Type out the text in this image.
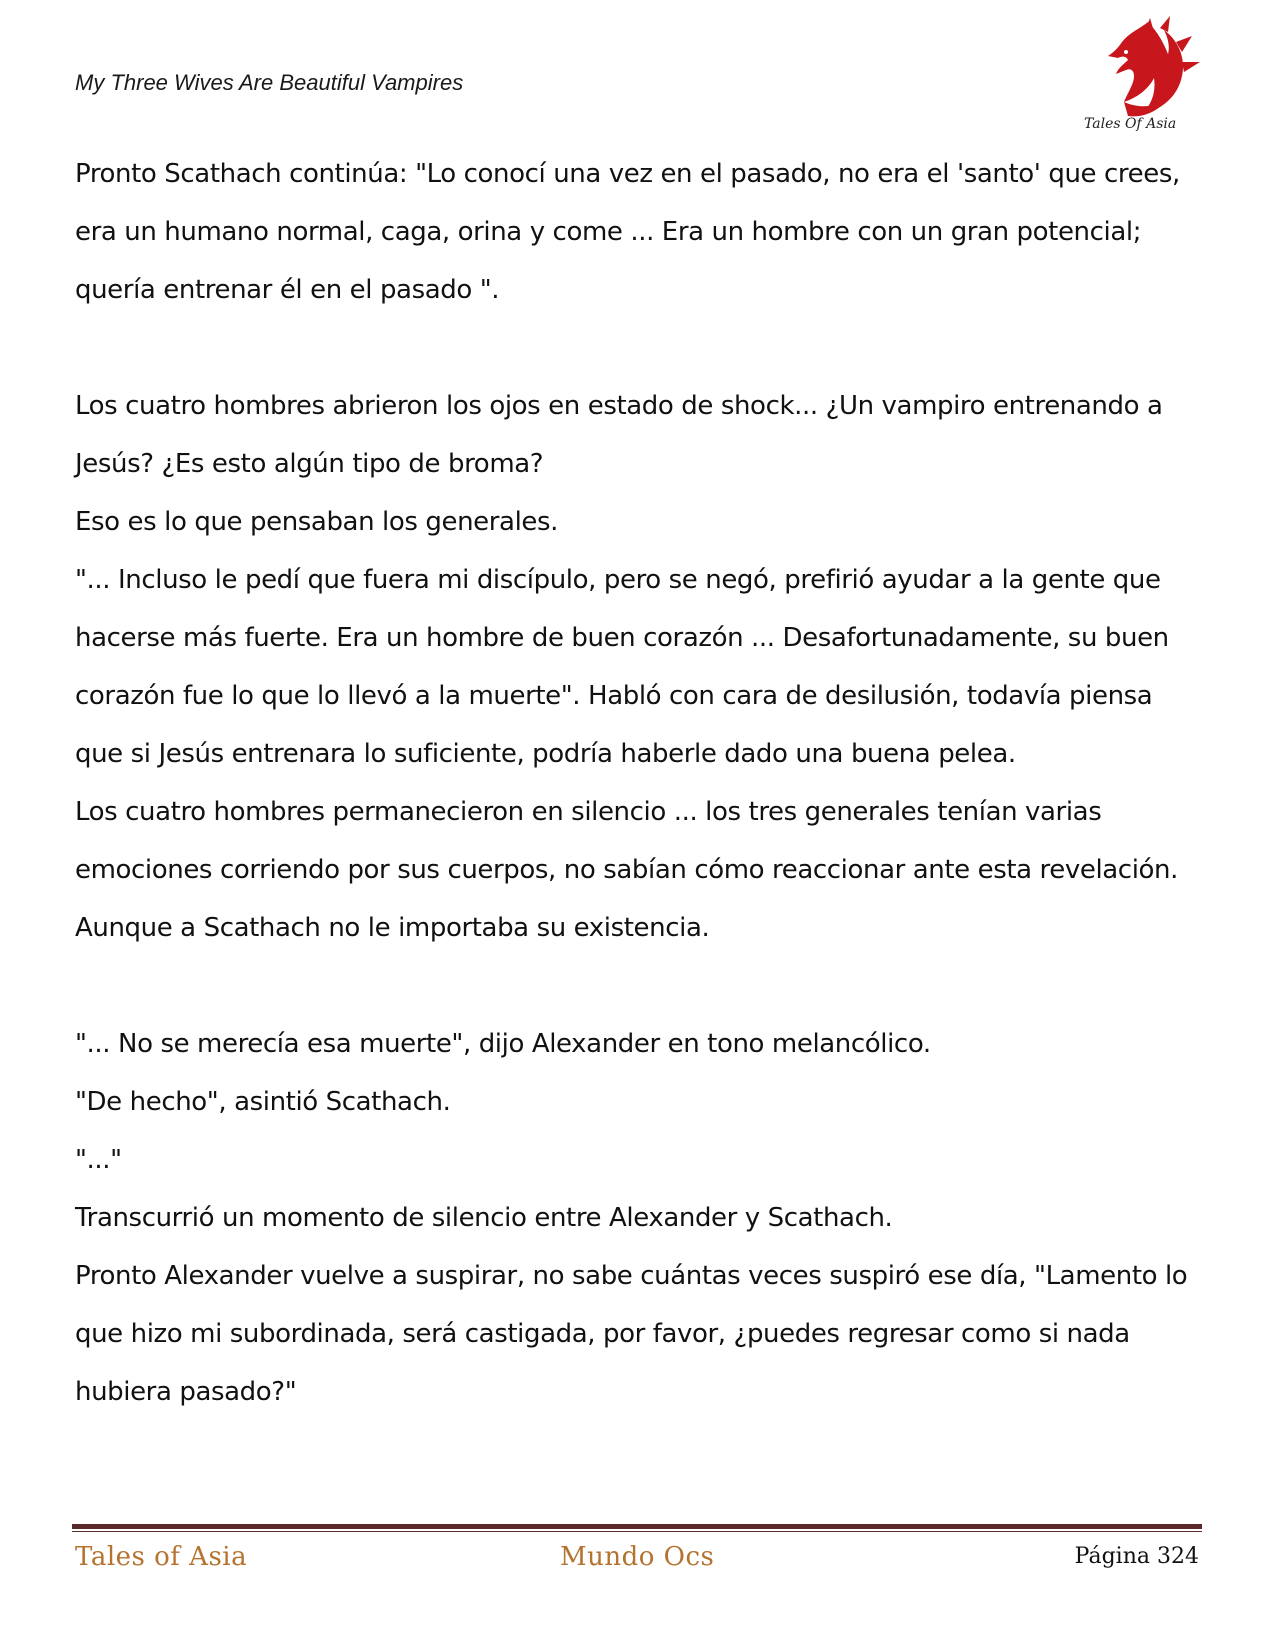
My Three Wives Are Beautiful Vampires
Tales Of Asia
Pronto Scathach continúa: "Lo conocí una vez en el pasado, no era el 'santo' que crees,
era un humano normal, caga, orina y come ... Era un hombre con un gran potencial;
quería entrenar él en el pasado ".
Los cuatro hombres abrieron los ojos en estado de shock... ¿Un vampiro entrenando a
Jesús? ¿Es esto algún tipo de broma?
Eso es lo que pensaban los generales.
"... Incluso le pedí que fuera mi discípulo, pero se negó, prefirió ayudar a la gente que
hacerse más fuerte. Era un hombre de buen corazón ... Desafortunadamente, su buen
corazón fue lo que lo llevó a la muerte". Habló con cara de desilusión, todavía piensa
que si Jesús entrenara lo suficiente, podría haberle dado una buena pelea.
Los cuatro hombres permanecieron en silencio ... los tres generales tenían varias
emociones corriendo por sus cuerpos, no sabían cómo reaccionar ante esta revelación.
Aunque a Scathach no le importaba su existencia.
"... No se merecía esa muerte", dijo Alexander en tono melancólico.
"De hecho", asintió Scathach.
"..."
Transcurrió un momento de silencio entre Alexander y Scathach.
Pronto Alexander vuelve a suspirar, no sabe cuántas veces suspiró ese día, "Lamento lo
que hizo mi subordinada, será castigada, por favor, ¿puedes regresar como si nada
hubiera pasado?"
Tales of Asia	Mundo Ocs	Página 324
